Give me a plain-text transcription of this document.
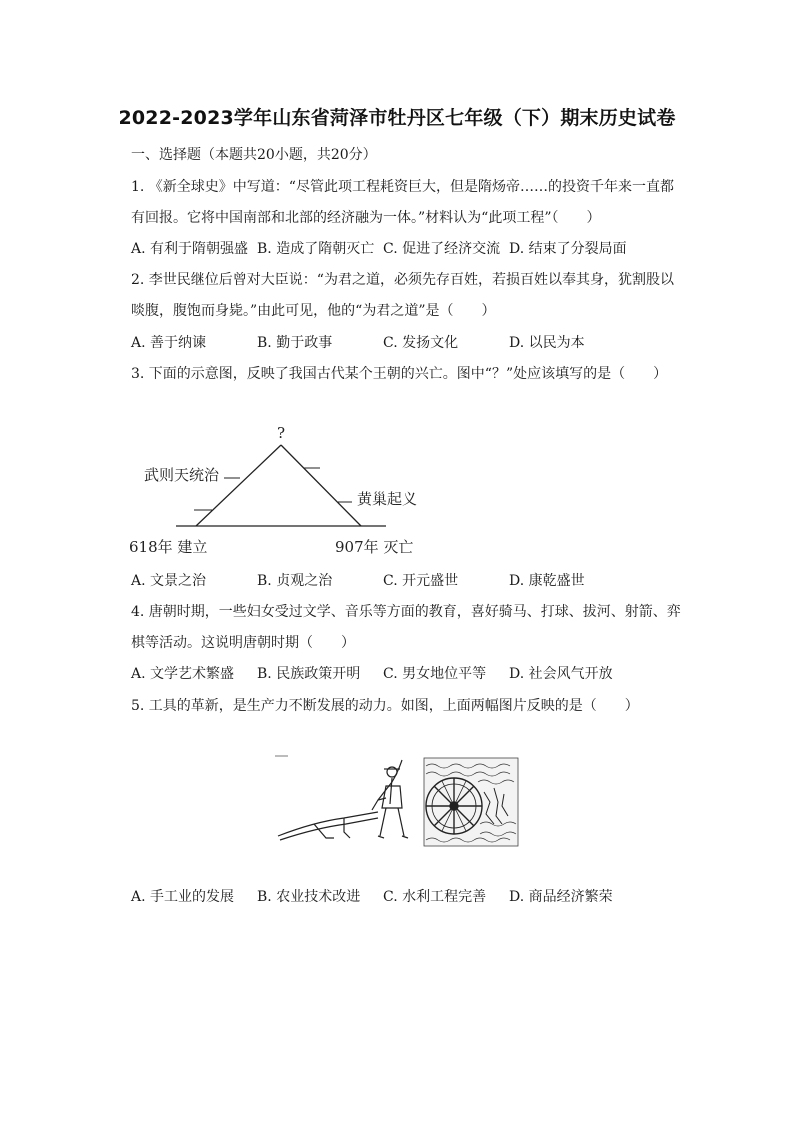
2022-2023学年山东省菏泽市牡丹区七年级（下）期末历史试卷
一、选择题（本题共20小题，共20分）
1. 《新全球史》中写道：“尽管此项工程耗资巨大，但是隋炀帝……的投资千年来一直都
有回报。它将中国南部和北部的经济融为一体。”材料认为“此项工程”（　　）
A. 有利于隋朝强盛 B. 造成了隋朝灭亡 C. 促进了经济交流 D. 结束了分裂局面
2. 李世民继位后曾对大臣说：“为君之道，必须先存百姓，若损百姓以奉其身，犹割股以
啖腹，腹饱而身毙。”由此可见，他的“为君之道”是（　　）
A. 善于纳谏	B. 勤于政事	C. 发扬文化	D. 以民为本
3. 下面的示意图，反映了我国古代某个王朝的兴亡。图中“？”处应该填写的是（　　）
?
武则天统治
黄巢起义
618年 建立	907年 灭亡
A. 文景之治	B. 贞观之治	C. 开元盛世	D. 康乾盛世
4. 唐朝时期，一些妇女受过文学、音乐等方面的教育，喜好骑马、打球、拔河、射箭、弈
棋等活动。这说明唐朝时期（　　）
A. 文学艺术繁盛 B. 民族政策开明 C. 男女地位平等 D. 社会风气开放
5. 工具的革新，是生产力不断发展的动力。如图，上面两幅图片反映的是（　　）
A. 手工业的发展 B. 农业技术改进 C. 水利工程完善 D. 商品经济繁荣
